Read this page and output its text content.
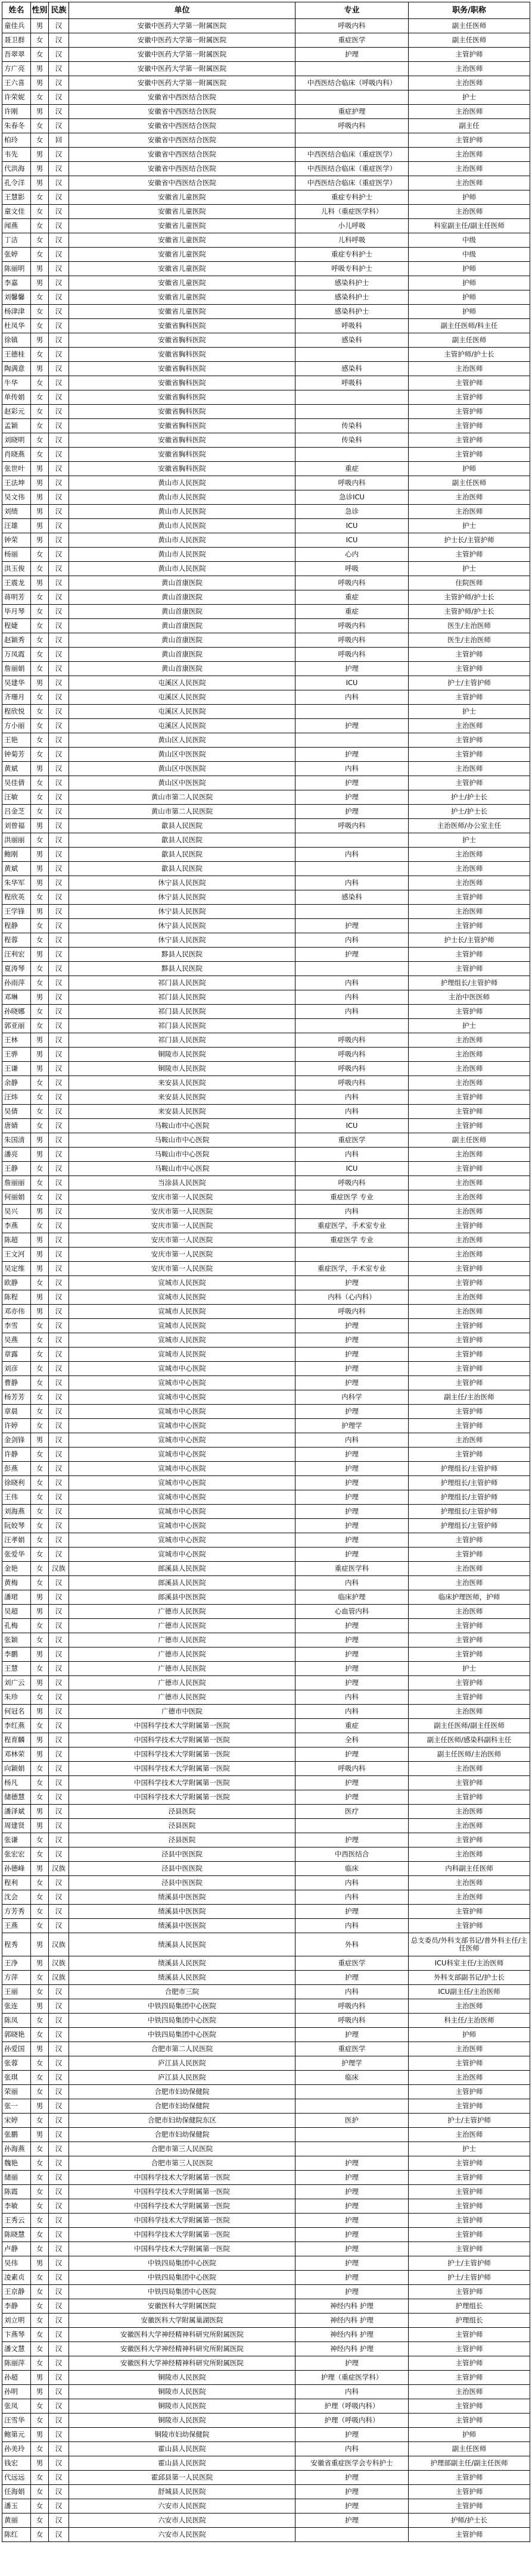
姓名	性别	民族	单位	专业	职务/职称
童佳兵	男	汉	安徽中医药大学第一附属医院	呼吸内科	副主任医师
聂卫群	女	汉	安徽中医药大学第一附属医院	重症医学	副主任医师
吾翠翠	女	汉	安徽中医药大学第一附属医院	护理	主管护师
方广亮	男	汉	安徽中医药大学第一附属医院		主治医师
王六喜	男	汉	安徽中医药大学第一附属医院	中西医结合临床（呼吸内科）	主治医师
许荣妮	女	汉	安徽省中西医结合医院		护士
许刚	男	汉	安徽省中西医结合医院	重症护理	主治医师
朱春冬	女	汉	安徽省中西医结合医院	呼吸内科	副主任
柏玲	女	回	安徽省中西医结合医院		主管护师
韦先	男	汉	安徽省中西医结合医院	中西医结合临床（重症医学）	主治医师
代洪海	男	汉	安徽省中西医结合医院	中西医结合临床（重症医学）	主治医师
孔令洋	男	汉	安徽省中西医结合医院	中西医结合临床（重症医学）	主治医师
王慧影	女	汉	安徽省儿童医院	重症专科护士	护师
童文佳	女	汉	安徽省儿童医院	儿科（重症医学科）	主治医师
闻燕	女	汉	安徽省儿童医院	小儿呼吸	科室副主任/副主任医师
丁洁	女	汉	安徽省儿童医院	儿科呼吸	中级
张婷	女	汉	安徽省儿童医院	重症专科护士	中级
陈丽明	男	汉	安徽省儿童医院	呼吸专科护士	护师
李嘉	男	汉	安徽省儿童医院	感染科护士	护师
刘馨馨	女	汉	安徽省儿童医院	感染科护士	护师
杨津津	女	汉	安徽省儿童医院	感染科护士	护师
杜凤华	女	汉	安徽省胸科医院	呼吸科	副主任医师/科主任
徐镇	男	汉	安徽省胸科医院	感染科	副主任医师
王德桂	女	汉	安徽省胸科医院		主管护师/护士长
陶满意	男	汉	安徽省胸科医院	感染科	主治医师
牛华	女	汉	安徽省胸科医院	呼吸科	主管护师
单传娟	女	汉	安徽省胸科医院		主管护师
赵彩元	女	汉	安徽省胸科医院		主管护师
孟颖	女	汉	安徽省胸科医院	传染科	主管护师
刘晓明	女	汉	安徽省胸科医院	传染科	主管护师
肖晓燕	女	汉	安徽省胸科医院		主管护师
张世叶	男	汉	安徽省胸科医院	重症	护师
王法坤	男	汉	黄山市人民医院	呼吸内科	副主任医师
吴文伟	男	汉	黄山市人民医院	急诊ICU	主治医师
刘绩	男	汉	黄山市人民医院	急诊	主治医师
汪雄	男	汉	黄山市人民医院	ICU	护士
钟荣	男	汉	黄山市人民医院	ICU	护士长/主管护师
杨丽	女	汉	黄山市人民医院	心内	主管护师
洪玉俊	女	汉	黄山市人民医院	呼吸	护士
王震龙	男	汉	黄山首康医院	呼吸内科	住院医师
蒋明芳	女	汉	黄山首康医院	重症	主管护师/护士长
毕月琴	女	汉	黄山首康医院	重症	主管护师/护士长
程婕	女	汉	黄山首康医院	呼吸内科	医生/主治医师
赵颖秀	女	汉	黄山首康医院	呼吸内科	医生/主治医师
万凤霞	女	汉	黄山首康医院	呼吸内科	主管护师
詹丽娟	女	汉	黄山首康医院	护理	主管护师
吴建华	男	汉	屯溪区人民医院	ICU	护士/主管护师
齐珊月	女	汉	屯溪区人民医院	内科	主管护师
程欣悦	女	汉	屯溪区人民医院		护士
方小丽	女	汉	屯溪区人民医院	护理	主治医师
王艳	女	汉	黄山区人民医院		主管护师
钟菊芳	女	汉	黄山区中医医院	护理	主管护师
黄斌	男	汉	黄山区中医医院	内科	主治医师
吴佳倩	女	汉	黄山区中医医院	护理	主管护师
汪敏	女	汉	黄山市第二人民医院	护理	护士/护士长
吕金芝	女	汉	黄山市第二人民医院	护理	护士/护士长
刘曾福	男	汉	歙县人民医院	呼吸内科	主治医师/办公室主任
洪丽丽	女	汉	歙县人民医院		护士
鲍刚	男	汉	歙县人民医院	内科	主治医师
黄斌	男	汉	歙县人民医院		主治医师
朱华军	男	汉	休宁县人民医院	内科	主治医师
程欣英	女	汉	休宁县人民医院	感染科	主管护师
王学锋	男	汉	休宁县人民医院		主治医师
程静	女	汉	休宁县人民医院	护理	主管护师
程蓉	女	汉	休宁县人民医院	内科	护士长/主管护师
汪利宏	男	汉	黟县人民医院	护理	主管护师
夏涛琴	女	汉	黟县人民医院		主管护师
孙雨萍	女	汉	祁门县人民医院	内科	护理组长/主管护师
邓琳	男	汉	祁门县人民医院	内科	主治中医医师
孙晓娜	女	汉	祁门县人民医院	内科	主管护师
郭亚丽	女	汉	祁门县人民医院		护士
王林	男	汉	祁门县人民医院	呼吸内科	主治医师
王骅	男	汉	铜陵市人民医院	呼吸内科	主治医师
王谦	男	汉	铜陵市人民医院	呼吸内科	主治医师
余静	女	汉	来安县人民医院	呼吸内科	主治医师
汪炜	女	汉	来安县人民医院	内科	主管护师
吴倩	女	汉	来安县人民医院	内科	主管护师
唐婧	女	汉	马鞍山市中心医院	ICU	主管护师
朱国清	男	汉	马鞍山市中心医院	重症医学	副主任医师
潘亮	男	汉	马鞍山市中心医院	内科	主治医师
王静	女	汉	马鞍山市中心医院	ICU	主管护师
詹丽丽	女	汉	当涂县人民医院	呼吸内科	主治医师
何丽娟	女	汉	安庆市第一人民医院	重症医学 专业	主治医师
吴兴	男	汉	安庆市第一人民医院	内科	主治医师
李燕	女	汉	安庆市第一人民医院	重症医学，手术室专业	主管护师
陈超	男	汉	安庆市第一人民医院	重症医学 专业	主治医师
王文河	男	汉	安庆市第一人民医院		主治医师
吴定维	男	汉	安庆市第一人民医院	重症医学，手术室专业	主管护师
欧静	女	汉	宣城市人民医院	护理	主管护师
陈程	男	汉	宣城市人民医院	内科（心内科）	主治医师
邓亦伟	男	汉	宣城市人民医院	呼吸内科	主治医师
李雪	女	汉	宣城市人民医院	护理	主管护师
吴燕	女	汉	宣城市人民医院	护理	主管护师
章露	女	汉	宣城市人民医院	护理	主管护师
刘彦	女	汉	宣城市中心医院	护理	主管护师
曹静	女	汉	宣城市中心医院	护理	主管护师
杨芳芳	女	汉	宣城市中心医院	内科学	副主任/主治医师
章晨	女	汉	宣城市中心医院	护理	主管护师
许婷	女	汉	宣城市中心医院	护理学	主管护师
金剑锋	男	汉	宣城市中心医院	内科	主治医师
许静	女	汉	宣城市中心医院	护理	主管护师
彭燕	女	汉	宣城市中心医院	护理	护理组长/主管护师
徐晓利	女	汉	宣城市中心医院	护理	护理组长/主管护师
王伟	女	汉	宣城市中心医院	护理	护理组长/主管护师
刘海燕	女	汉	宣城市中心医院	护理	护理组长/主管护师
阮姣琴	女	汉	宣城市中心医院	护理	护理组长/主管护师
汪孝娟	女	汉	宣城市中心医院	护理	主管护师
张爱华	女	汉	宣城市中心医院	护理	主管护师
金艳	女	汉族	郎溪县人民医院	重症医学科	主治医师
黄梅	女	汉	郎溪县人民医院	内科	主治医师
潘珺	男	汉	郎溪县中医医院	临床护理	临床护理医师，护师
吴超	男	汉	广德市人民医院	心血管内科	主治医师
孔梅	女	汉	广德市人民医院	护理	主管护师
张颖	女	汉	广德市人民医院	护理	主管护师
李鹏	男	汉	广德市人民医院	护理	主管护师
王慧	女	汉	广德市人民医院	护理	护士
刘广云	男	汉	广德市人民医院	护理	主管护师
朱珍	女	汉	广德市人民医院	内科	主管护师
何冠名	男	汉	广德市中医院	内科	主治医师
李红燕	女	汉	中国科学技术大学附属第一医院	重症	副主任医师/副主任医师
程育麟	男	汉	中国科学技术大学附属第一医院	全科	副主任医师/感染科副科主任
邓林荣	男	汉	中国科学技术大学附属第一医院	护理	副主任医师/主治医师
向颖娟	女	汉	中国科学技术大学附属第一医院	呼吸内科	主治医师
杨凡	女	汉	中国科学技术大学附属第一医院	护理	主管护师
储德慧	女	汉	中国科学技术大学附属第一医院	护理	主管护师
潘泽斌	男	汉	泾县医院	医疗	主治医师
周建贤	男	汉	泾县医院		主治医师
张谦	女	汉	泾县医院	护理	主管护师
张宏宏	女	汉	泾县中医医院	中西医结合	主治医师
孙德峰	男	汉族	泾县中医医院	临床	内科副主任医师
程利	女	汉	泾县中医医院	内科	主治医师
沈会	女	汉	绩溪县中医医院	内科	主治医师
方芳秀	女	汉	绩溪县中医医院	护理	主管护师
王燕	女	汉	绩溪县中医医院	内科	主管护师
程秀	男	汉族	绩溪县人民医院	外科	总支委员/外科支部书记/普外科主任/主任医师
王净	男	汉族	绩溪县人民医院	重症医学	ICU科室主任/主治医师
方萍	女	汉族	绩溪县人民医院	护理	外科支部副书记/护士长
王丽	女	汉	合肥市三院	内科	ICU副主任/主治医师
张连	男	汉	中铁四局集团中心医院	呼吸内科	主治医师
陈凤	女	汉	中铁四局集团中心医院	呼吸内科	科主任/主治医师
郭晓艳	女	汉	中铁四局集团中心医院	护理	护师
孙爱国	男	汉	合肥市第二人民医院	重症医学	主治医师
张蓉	女	汉	庐江县人民医院	护理学	主管护师
张琪	女	汉	庐江县人民医院	临床	主治医师
荣丽	女	汉	合肥市妇幼保健院		主管护师
张一	男	汉	合肥市妇幼保健院		主管护师
宋婷	女	汉	合肥市妇幼保健院东区	医护	护士/主管护师
张鹏	男	汉	合肥市妇幼保健院		主治医师
孙海燕	女	汉	合肥市第三人民医院		护士
魏艳	女	汉	合肥市第三人民医院	护理	主管护师
储丽	女	汉	中国科学技术大学附属第一医院	护理	主管护师
陈霞	女	汉	中国科学技术大学附属第一医院	护理	主管护师
李敏	女	汉	中国科学技术大学附属第一医院	护理	主管护师
王秀云	女	汉	中国科学技术大学附属第一医院	护理	主管护师
陈晓慧	女	汉	中国科学技术大学附属第一医院	护理	主管护师
卢静	女	汉	中国科学技术大学附属第一医院	护理	主管护师
吴伟	男	汉	中铁四局集团中心医院	护理	护士/主管护师
凌素贞	女	汉	中铁四局集团中心医院	护理	护士/主管护师
王京静	女	汉	中铁四局集团中心医院	护理	主管护师
李静	女	汉	安徽医科大学附属医院	神经内科 护理	护理组长
刘立明	女	汉	安徽医科大学附属巢湖医院	神经内科 护理	护理组长
卞燕琴	女	汉	安徽医科大学神经精神科研究所附属医院	神经内科 护理	主管护师
潘文慧	女	汉	安徽医科大学神经精神科研究所附属医院	神经内科 护理	主管护师
陈丽萍	女	汉	安徽医科大学神经精神科研究所附属医院	护理	主管护师
孙超	男	汉	铜陵市人民医院	护理（重症医学科）	主管护师
孙明	男	汉	铜陵市人民医院	内科	主治医师
张凤	女	汉	铜陵市人民医院	护理（呼吸内科）	主管护师
汪雪华	女	汉	铜陵市人民医院	护理（呼吸内科）	主管护师
鲍第元	男	汉	铜陵市妇幼保健院	护理	护师
孙美玲	女	汉	霍山县人民医院	内科	副主任医师
钱宏	男	汉	霍山县人民医院	安徽省重症医学会专科护士	护理部副主任/副主任医师
代远远	女	汉	霍邱县第一人民医院	护理	主管护师
任海娟	女	汉	舒城县人民医院	护理	主管护师
潘玉	女	汉	六安市人民医院	护理	主管护师
黄丽	女	汉	六安市人民医院	护理	护师/护士长
陈红	女	汉	六安市人民医院		主管护师
